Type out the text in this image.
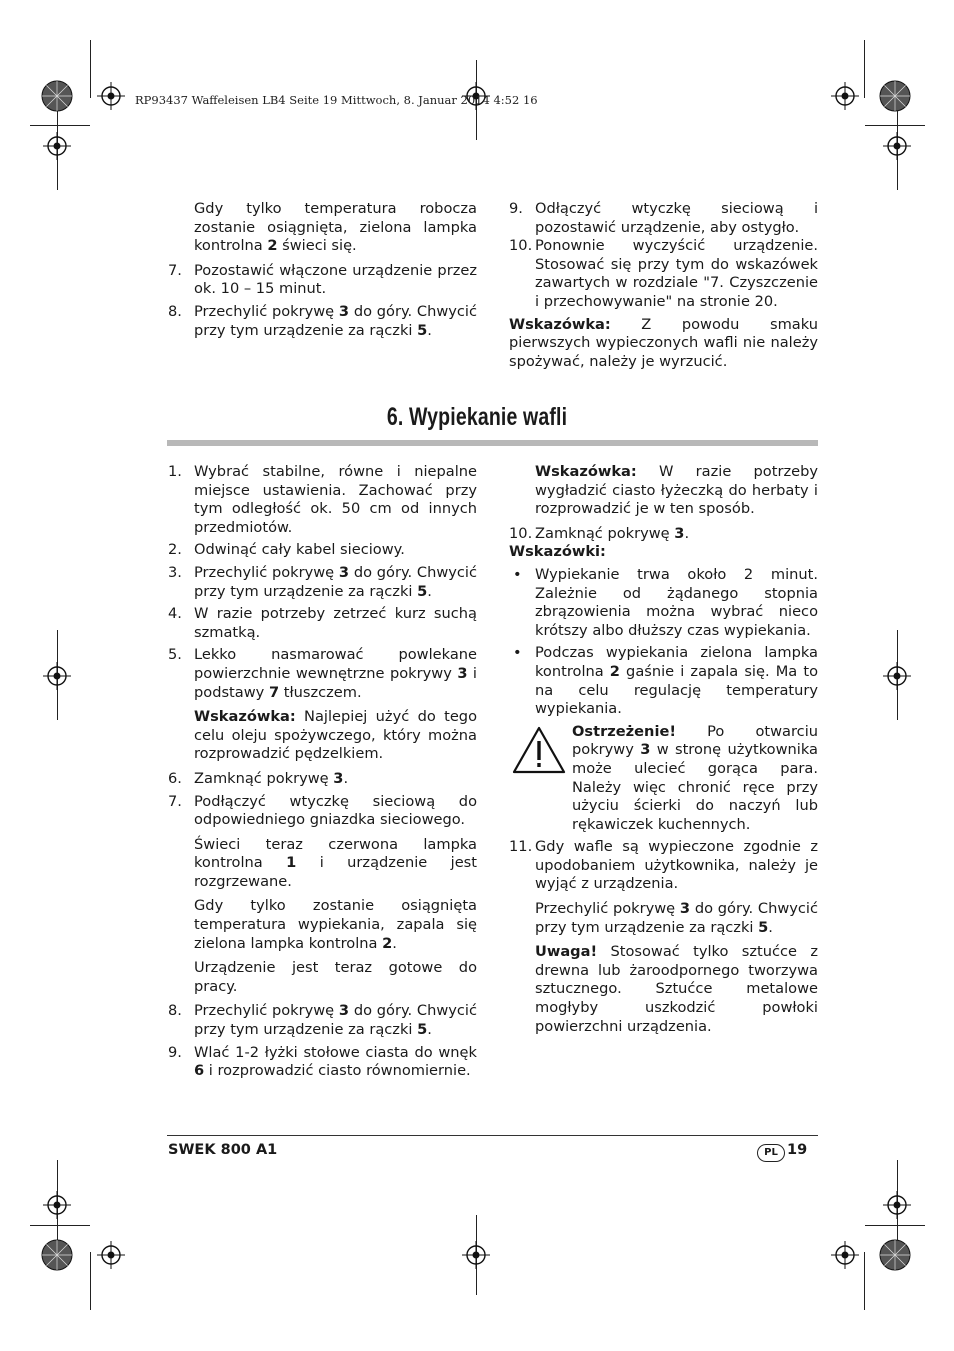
RP93437 Waffeleisen LB4 Seite 19 Mittwoch, 8. Januar 2014 4:52 16

Gdy tylko temperatura robocza zostanie osiągnięta, zielona lampka kontrolna 2 świeci się.

7. Pozostawić włączone urządzenie przez ok. 10 – 15 minut.

8. Przechylić pokrywę 3 do góry. Chwycić przy tym urządzenie za rączki 5.

9. Odłączyć wtyczkę sieciową i pozostawić urządzenie, aby ostygło.

10. Ponownie wyczyścić urządzenie. Stosować się przy tym do wskazówek zawartych w rozdziale "7. Czyszczenie i przechowywanie" na stronie 20.

Wskazówka: Z powodu smaku pierwszych wypieczonych wafli nie należy spożywać, należy je wyrzucić.

6. Wypiekanie wafli
1. Wybrać stabilne, równe i niepalne miejsce ustawienia. Zachować przy tym odległość ok. 50 cm od innych przedmiotów.

2. Odwinąć cały kabel sieciowy.

3. Przechylić pokrywę 3 do góry. Chwycić przy tym urządzenie za rączki 5.

4. W razie potrzeby zetrzeć kurz suchą szmatką.

5. Lekko nasmarować powlekane powierzchnie wewnętrzne pokrywy 3 i podstawy 7 tłuszczem.

Wskazówka: Najlepiej użyć do tego celu oleju spożywczego, który można rozprowadzić pędzelkiem.

6. Zamknąć pokrywę 3.

7. Podłączyć wtyczkę sieciową do odpowiedniego gniazdka sieciowego.

Świeci teraz czerwona lampka kontrolna 1 i urządzenie jest rozgrzewane.

Gdy tylko zostanie osiągnięta temperatura wypiekania, zapala się zielona lampka kontrolna 2.

Urządzenie jest teraz gotowe do pracy.

8. Przechylić pokrywę 3 do góry. Chwycić przy tym urządzenie za rączki 5.

9. Wlać 1-2 łyżki stołowe ciasta do wnęk 6 i rozprowadzić ciasto równomiernie.

Wskazówka: W razie potrzeby wygładzić ciasto łyżeczką do herbaty i rozprowadzić je w ten sposób.

10. Zamknąć pokrywę 3.

Wskazówki:

• Wypiekanie trwa około 2 minut. Zależnie od żądanego stopnia zbrązowienia można wybrać nieco krótszy albo dłuższy czas wypiekania.

• Podczas wypiekania zielona lampka kontrolna 2 gaśnie i zapala się. Ma to na celu regulację temperatury wypiekania.

Ostrzeżenie! Po otwarciu pokrywy 3 w stronę użytkownika może ulecieć gorąca para. Należy więc chronić ręce przy użyciu ścierki do naczyń lub rękawiczek kuchennych.

11. Gdy wafle są wypieczone zgodnie z upodobaniem użytkownika, należy je wyjąć z urządzenia.

Przechylić pokrywę 3 do góry. Chwycić przy tym urządzenie za rączki 5.

Uwaga! Stosować tylko sztućce z drewna lub żaroodpornego tworzywa sztucznego. Sztućce metalowe mogłyby uszkodzić powłoki powierzchni urządzenia.

SWEK 800 A1	PL 19
